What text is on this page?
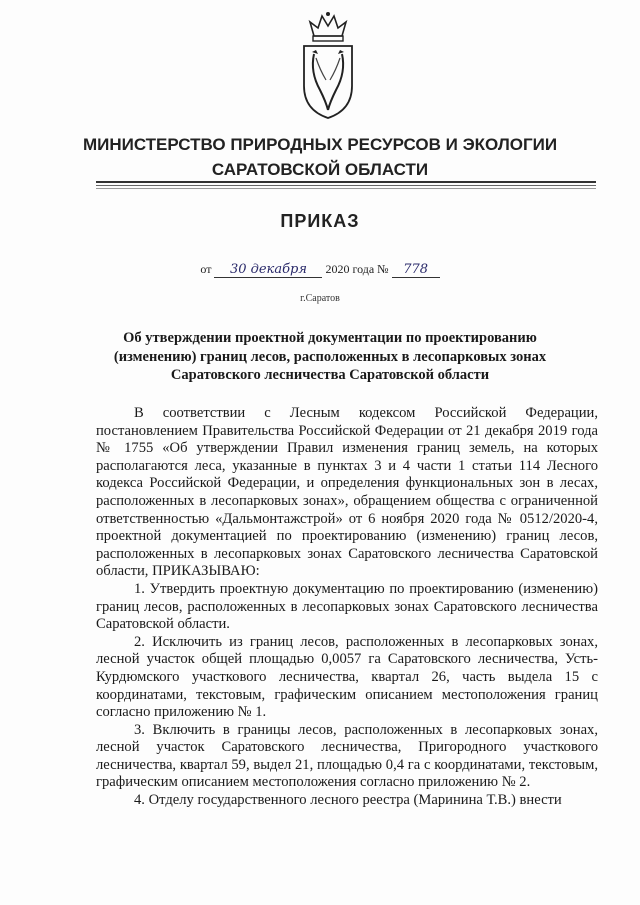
МИНИСТЕРСТВО ПРИРОДНЫХ РЕСУРСОВ И ЭКОЛОГИИ
САРАТОВСКОЙ ОБЛАСТИ
ПРИКАЗ
от 30 декабря 2020 года № 778
г.Саратов
Об утверждении проектной документации по проектированию
(изменению) границ лесов, расположенных в лесопарковых зонах
Саратовского лесничества Саратовской области

В соответствии с Лесным кодексом Российской Федерации, постановлением Правительства Российской Федерации от 21 декабря 2019 года № 1755 «Об утверждении Правил изменения границ земель, на которых располагаются леса, указанные в пунктах 3 и 4 части 1 статьи 114 Лесного кодекса Российской Федерации, и определения функциональных зон в лесах, расположенных в лесопарковых зонах», обращением общества с ограниченной ответственностью «Дальмонтажстрой» от 6 ноября 2020 года № 0512/2020-4, проектной документацией по проектированию (изменению) границ лесов, расположенных в лесопарковых зонах Саратовского лесничества Саратовской области, ПРИКАЗЫВАЮ:

1. Утвердить проектную документацию по проектированию (изменению) границ лесов, расположенных в лесопарковых зонах Саратовского лесничества Саратовской области.

2. Исключить из границ лесов, расположенных в лесопарковых зонах, лесной участок общей площадью 0,0057 га Саратовского лесничества, Усть-Курдюмского участкового лесничества, квартал 26, часть выдела 15 с координатами, текстовым, графическим описанием местоположения границ согласно приложению № 1.

3. Включить в границы лесов, расположенных в лесопарковых зонах, лесной участок Саратовского лесничества, Пригородного участкового лесничества, квартал 59, выдел 21, площадью 0,4 га с координатами, текстовым, графическим описанием местоположения согласно приложению № 2.

4. Отделу государственного лесного реестра (Маринина Т.В.) внести
